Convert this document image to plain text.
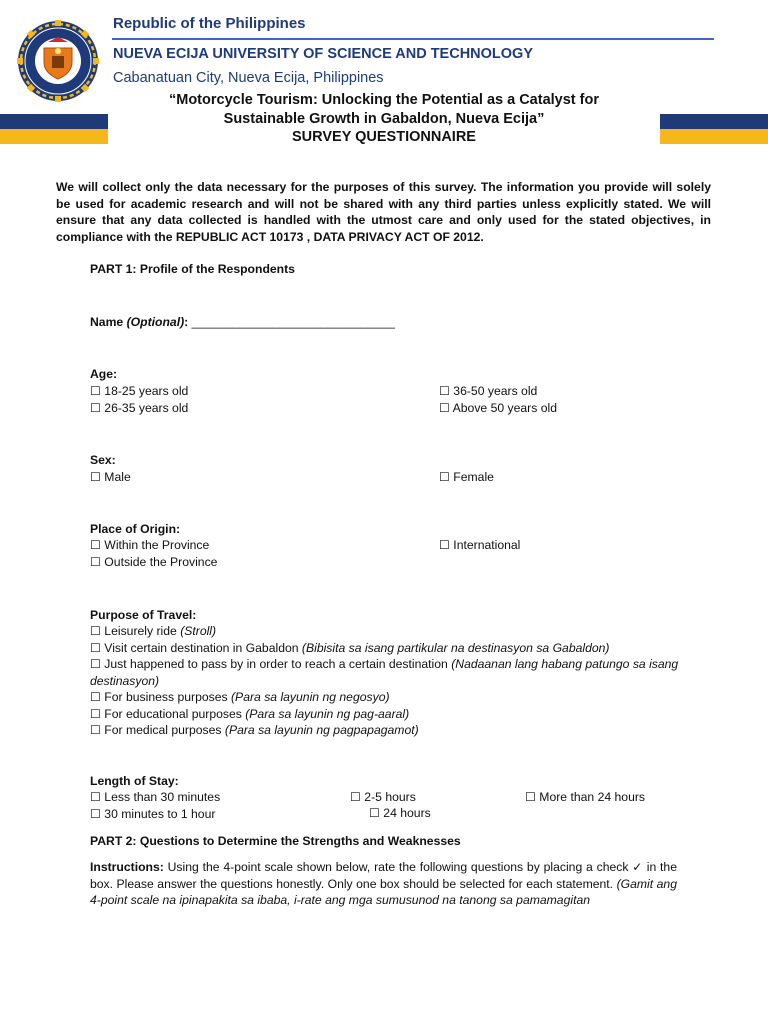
Republic of the Philippines
NUEVA ECIJA UNIVERSITY OF SCIENCE AND TECHNOLOGY
Cabanatuan City, Nueva Ecija, Philippines
“Motorcycle Tourism: Unlocking the Potential as a Catalyst for
Sustainable Growth in Gabaldon, Nueva Ecija”
SURVEY QUESTIONNAIRE
We will collect only the data necessary for the purposes of this survey. The information you provide will solely be used for academic research and will not be shared with any third parties unless explicitly stated. We will ensure that any data collected is handled with the utmost care and only used for the stated objectives, in compliance with the REPUBLIC ACT 10173 , DATA PRIVACY ACT OF 2012.
PART 1: Profile of the Respondents
Name (Optional): ______________________________
Age:
☐ 18-25 years old
☐ 26-35 years old
☐ 36-50 years old
☐ Above 50 years old
Sex:
☐ Male	☐ Female
Place of Origin:
☐ Within the Province
☐ Outside the Province
☐ International
Purpose of Travel:
☐ Leisurely ride (Stroll)
☐ Visit certain destination in Gabaldon (Bibisita sa isang partikular na destinasyon sa Gabaldon)
☐ Just happened to pass by in order to reach a certain destination (Nadaanan lang habang patungo sa isang destinasyon)
☐ For business purposes (Para sa layunin ng negosyo)
☐ For educational purposes (Para sa layunin ng pag-aaral)
☐ For medical purposes (Para sa layunin ng pagpapagamot)
Length of Stay:
☐ Less than 30 minutes
☐ 30 minutes to 1 hour
☐ 2-5 hours
☐ 24 hours
☐ More than 24 hours
PART 2: Questions to Determine the Strengths and Weaknesses
Instructions: Using the 4-point scale shown below, rate the following questions by placing a check ✓ in the box. Please answer the questions honestly. Only one box should be selected for each statement. (Gamit ang 4-point scale na ipinapakita sa ibaba, i-rate ang mga sumusunod na tanong sa pamamagitan
